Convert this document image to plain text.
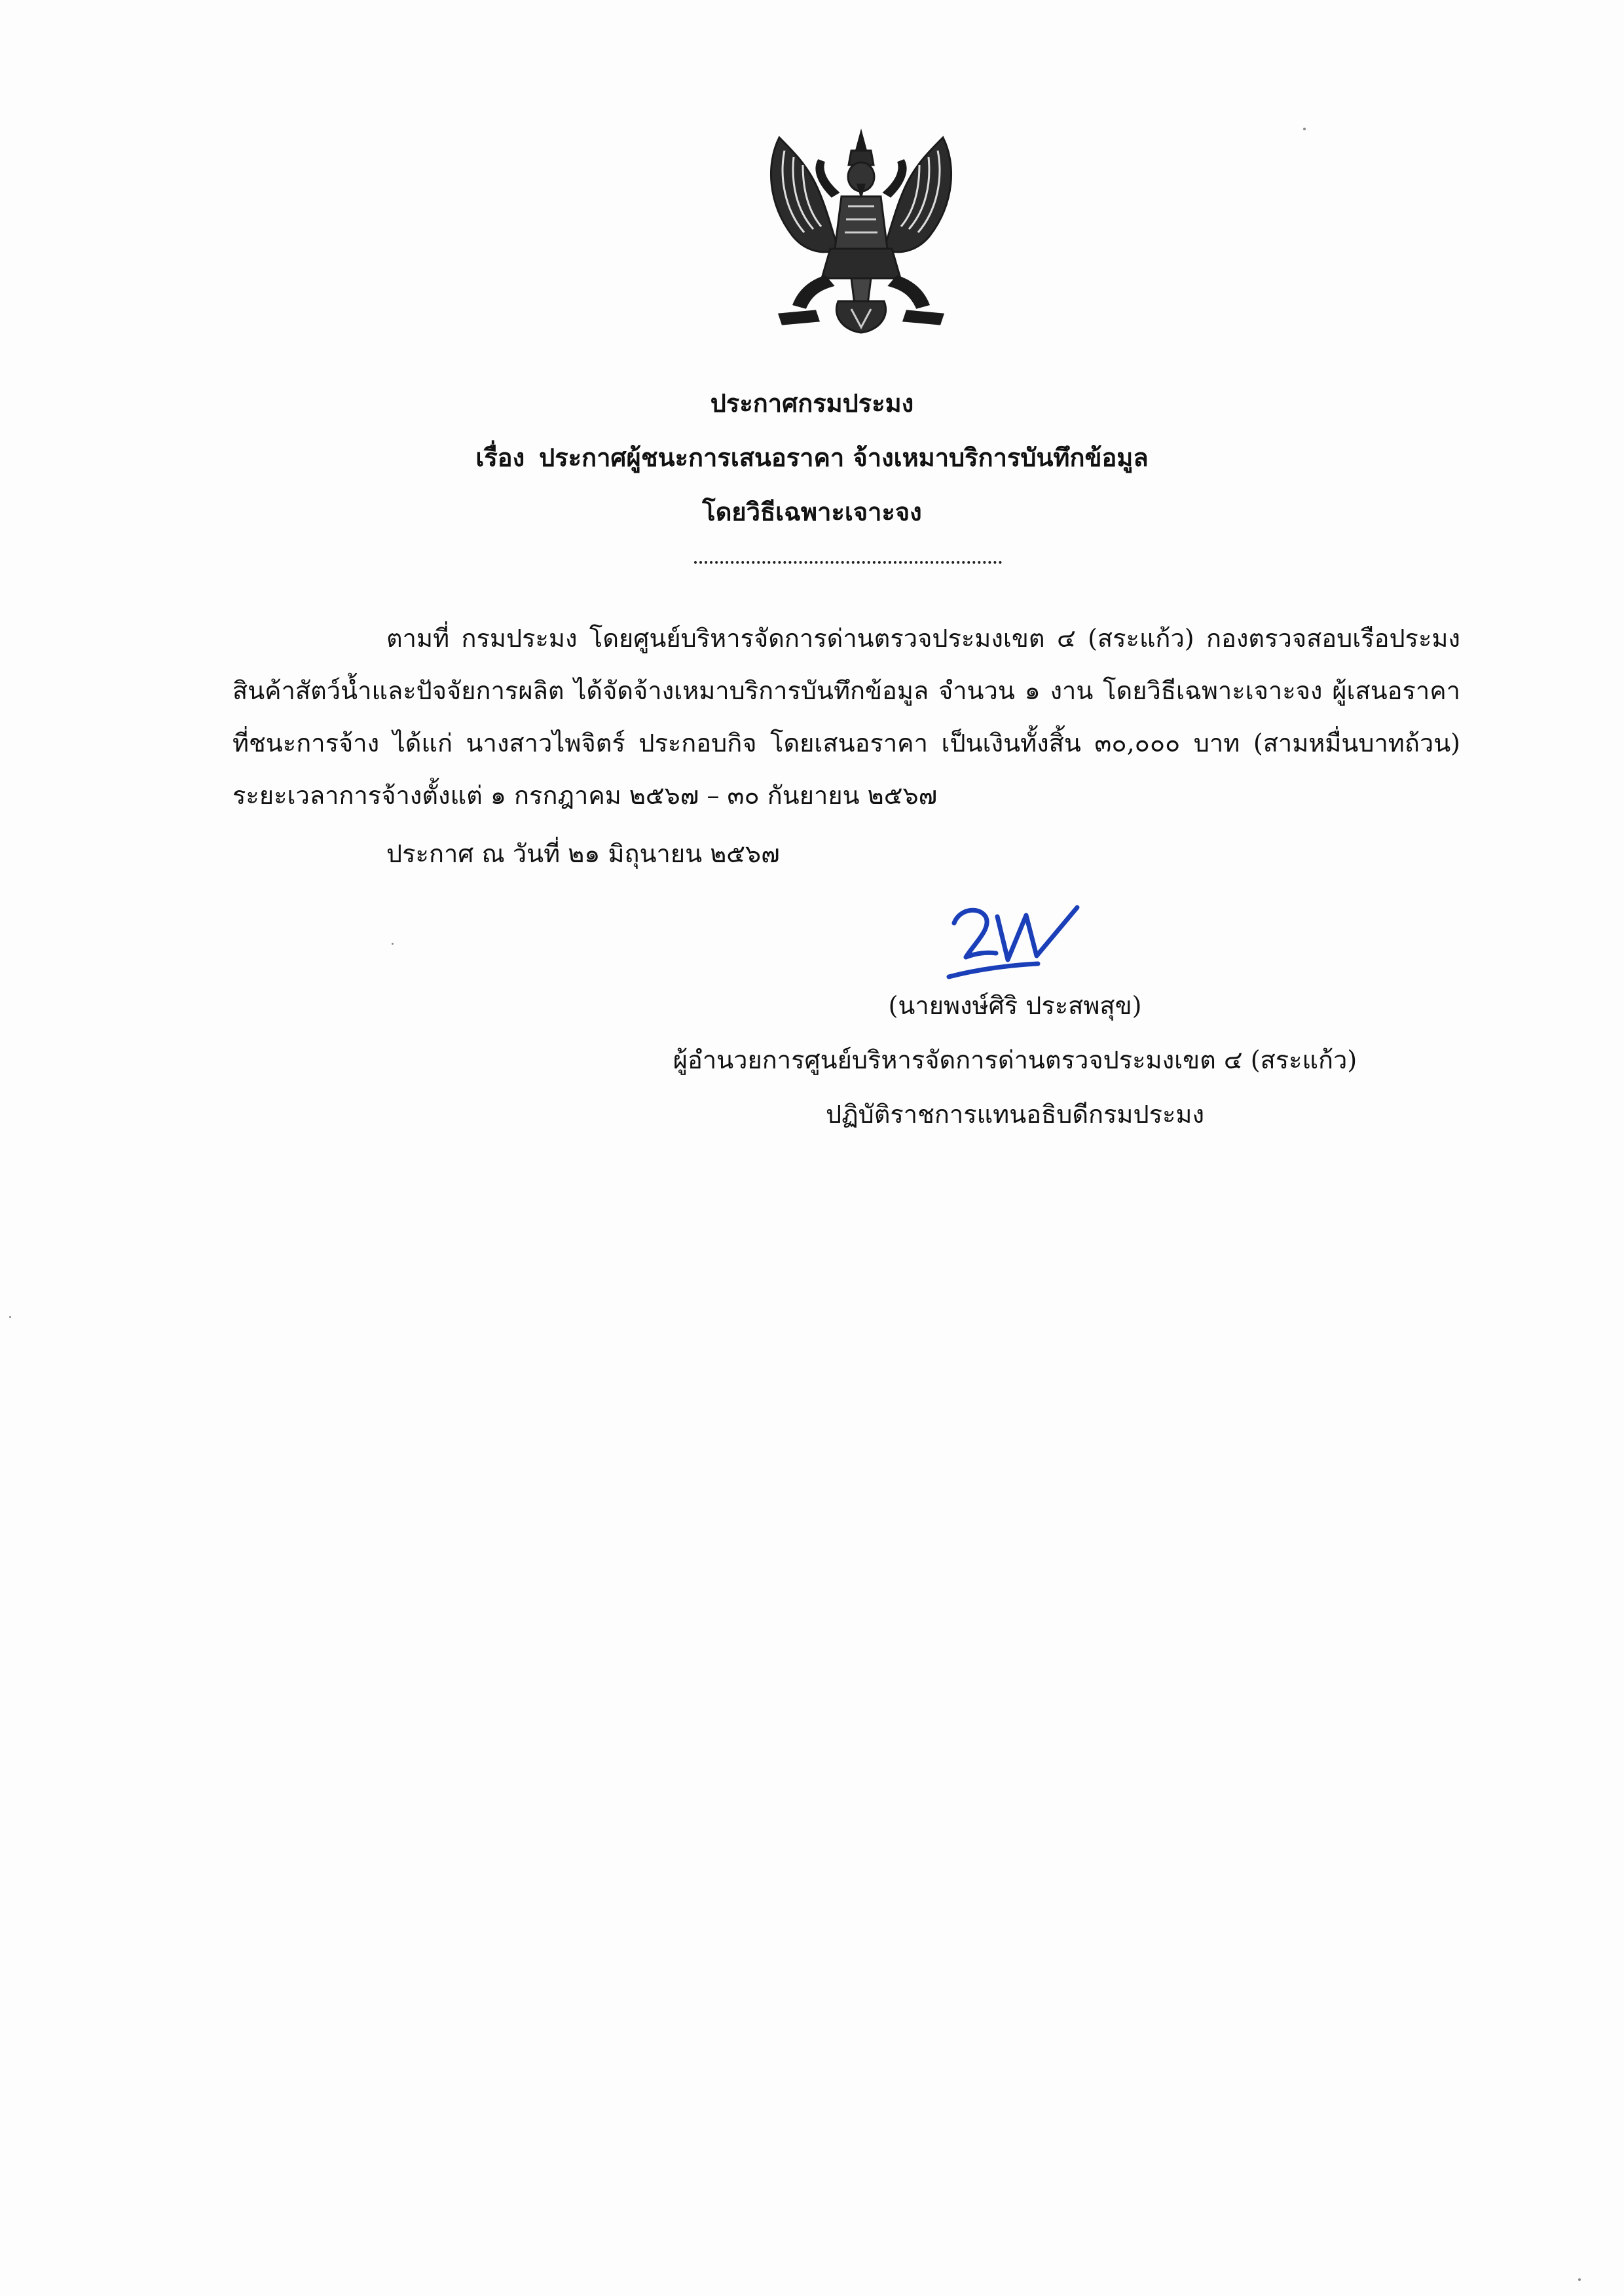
ประกาศกรมประมง
เรื่อง ประกาศผู้ชนะการเสนอราคา จ้างเหมาบริการบันทึกข้อมูล
โดยวิธีเฉพาะเจาะจง
ตามที่ กรมประมง โดยศูนย์บริหารจัดการด่านตรวจประมงเขต ๔ (สระแก้ว) กองตรวจสอบเรือประมง สินค้าสัตว์น้ำและปัจจัยการผลิต ได้จัดจ้างเหมาบริการบันทึกข้อมูล จำนวน ๑ งาน โดยวิธีเฉพาะเจาะจง ผู้เสนอราคาที่ชนะการจ้าง ได้แก่ นางสาวไพจิตร์ ประกอบกิจ โดยเสนอราคา เป็นเงินทั้งสิ้น ๓๐,๐๐๐ บาท (สามหมื่นบาทถ้วน) ระยะเวลาการจ้างตั้งแต่ ๑ กรกฎาคม ๒๕๖๗ – ๓๐ กันยายน ๒๕๖๗
ประกาศ ณ วันที่ ๒๑ มิถุนายน ๒๕๖๗
(นายพงษ์ศิริ ประสพสุข)
ผู้อำนวยการศูนย์บริหารจัดการด่านตรวจประมงเขต ๔ (สระแก้ว)
ปฏิบัติราชการแทนอธิบดีกรมประมง
